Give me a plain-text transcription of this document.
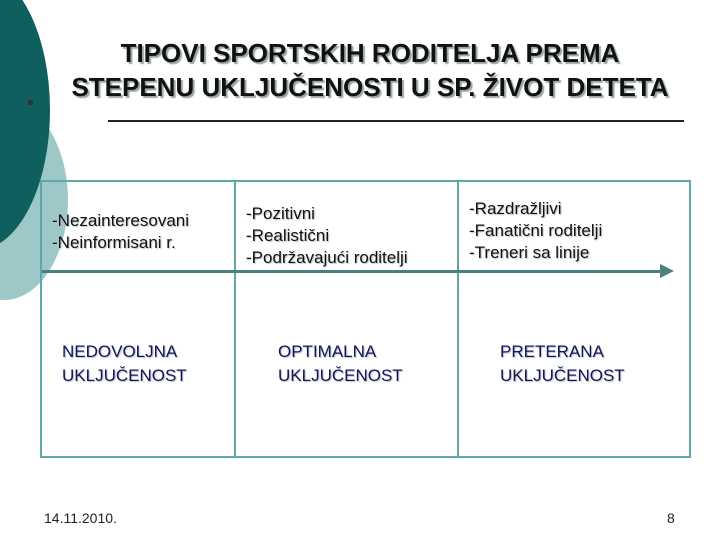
TIPOVI SPORTSKIH RODITELJA PREMA
STEPENU UKLJUČENOSTI U SP. ŽIVOT DETETA
-Nezainteresovani
-Neinformisani r.
-Pozitivni
-Realistični
-Podržavajući roditelji
-Razdražljivi
-Fanatični roditelji
-Treneri sa linije
NEDOVOLJNA
UKLJUČENOST
OPTIMALNA
UKLJUČENOST
PRETERANA
UKLJUČENOST
14.11.2010.	8
